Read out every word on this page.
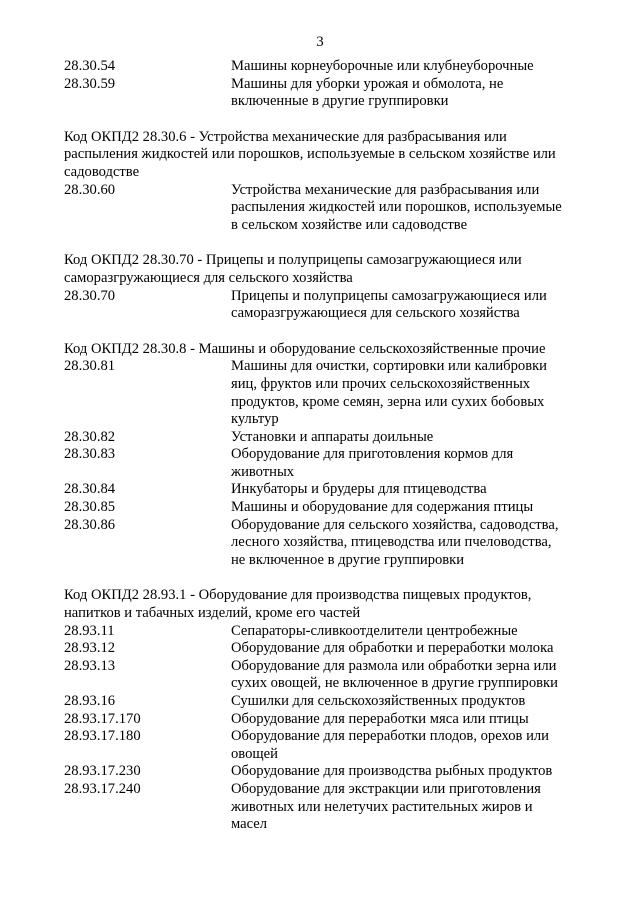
3
28.30.54	Машины корнеуборочные или клубнеуборочные
28.30.59	Машины для уборки урожая и обмолота, не
включенные в другие группировки
Код ОКПД2 28.30.6 - Устройства механические для разбрасывания или
распыления жидкостей или порошков, используемые в сельском хозяйстве или
садоводстве
28.30.60	Устройства механические для разбрасывания или
распыления жидкостей или порошков, используемые
в сельском хозяйстве или садоводстве
Код ОКПД2 28.30.70 - Прицепы и полуприцепы самозагружающиеся или
саморазгружающиеся для сельского хозяйства
28.30.70	Прицепы и полуприцепы самозагружающиеся или
саморазгружающиеся для сельского хозяйства
Код ОКПД2 28.30.8 - Машины и оборудование сельскохозяйственные прочие
28.30.81	Машины для очистки, сортировки или калибровки
яиц, фруктов или прочих сельскохозяйственных
продуктов, кроме семян, зерна или сухих бобовых
культур
28.30.82	Установки и аппараты доильные
28.30.83	Оборудование для приготовления кормов для
животных
28.30.84	Инкубаторы и брудеры для птицеводства
28.30.85	Машины и оборудование для содержания птицы
28.30.86	Оборудование для сельского хозяйства, садоводства,
лесного хозяйства, птицеводства или пчеловодства,
не включенное в другие группировки
Код ОКПД2 28.93.1 - Оборудование для производства пищевых продуктов,
напитков и табачных изделий, кроме его частей
28.93.11	Сепараторы-сливкоотделители центробежные
28.93.12	Оборудование для обработки и переработки молока
28.93.13	Оборудование для размола или обработки зерна или
сухих овощей, не включенное в другие группировки
28.93.16	Сушилки для сельскохозяйственных продуктов
28.93.17.170	Оборудование для переработки мяса или птицы
28.93.17.180	Оборудование для переработки плодов, орехов или
овощей
28.93.17.230	Оборудование для производства рыбных продуктов
28.93.17.240	Оборудование для экстракции или приготовления
животных или нелетучих растительных жиров и
масел
